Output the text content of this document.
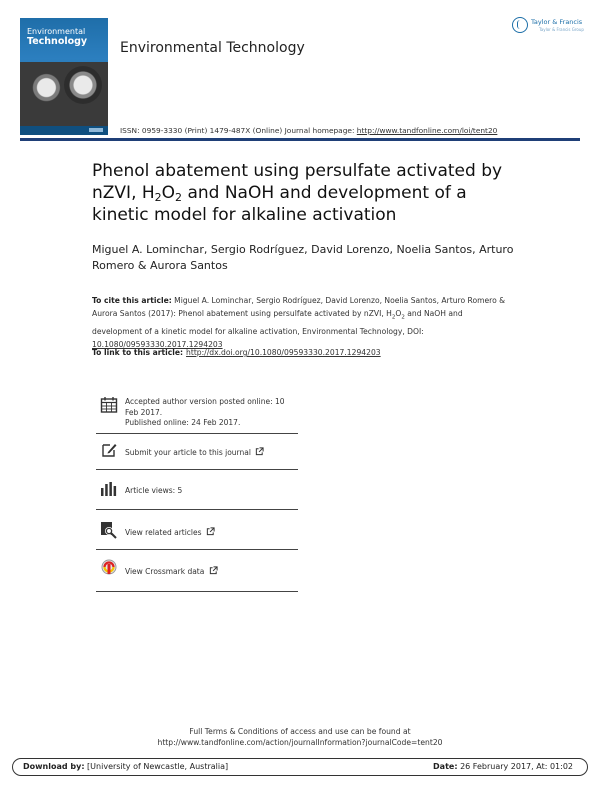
Environmental
Technology Environmental Technology
Taylor & Francis
Taylor & Francis Group
ISSN: 0959-3330 (Print) 1479-487X (Online) Journal homepage: http://www.tandfonline.com/loi/tent20
Phenol abatement using persulfate activated by nZVI, $H_2O_2$ and NaOH and development of a kinetic model for alkaline activation
Miguel A. Lominchar, Sergio Rodríguez, David Lorenzo, Noelia Santos, Arturo Romero & Aurora Santos
To cite this article: Miguel A. Lominchar, Sergio Rodríguez, David Lorenzo, Noelia Santos, Arturo Romero & Aurora Santos (2017): Phenol abatement using persulfate activated by nZVI, $H_2O_2$ and NaOH and development of a kinetic model for alkaline activation, Environmental Technology, DOI: 10.1080/09593330.2017.1294203
To link to this article: http://dx.doi.org/10.1080/09593330.2017.1294203
Accepted author version posted online: 10
Feb 2017.
Published online: 24 Feb 2017.
Submit your article to this journal
Article views: 5
View related articles
View Crossmark data
Full Terms & Conditions of access and use can be found at
http://www.tandfonline.com/action/journalInformation?journalCode=tent20
Download by: [University of Newcastle, Australia]	Date: 26 February 2017, At: 01:02
